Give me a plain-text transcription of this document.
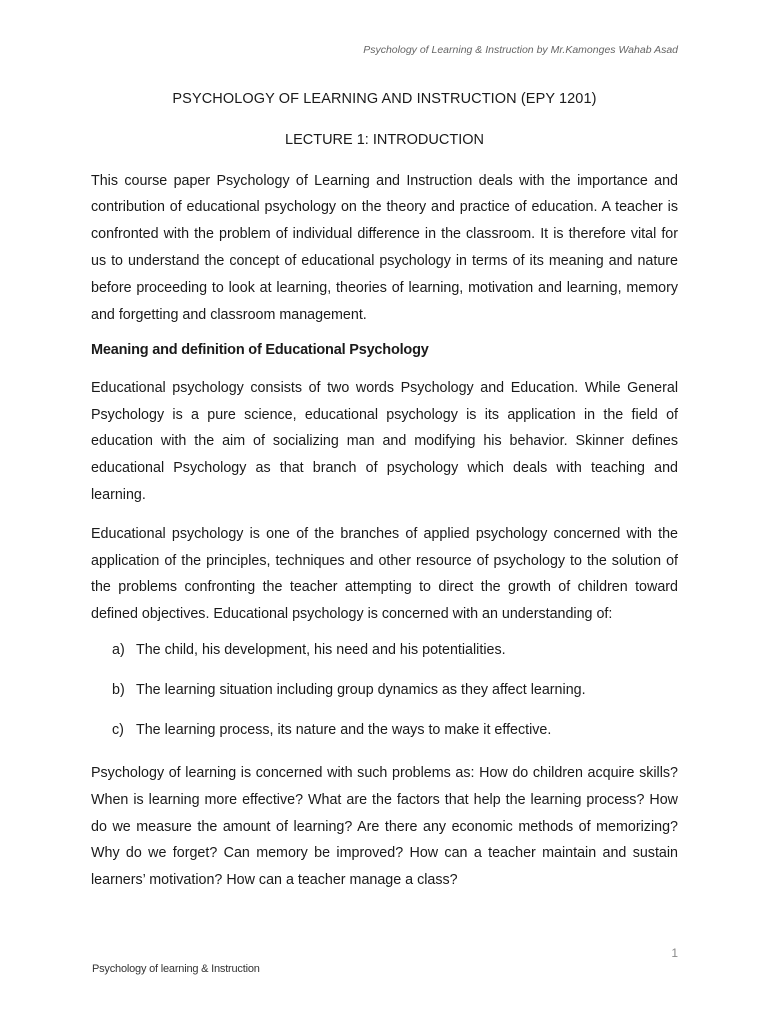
Psychology of Learning & Instruction by Mr.Kamonges Wahab Asad
PSYCHOLOGY OF LEARNING AND INSTRUCTION (EPY 1201)
LECTURE 1: INTRODUCTION

This course paper Psychology of Learning and Instruction deals with the importance and contribution of educational psychology on the theory and practice of education. A teacher is confronted with the problem of individual difference in the classroom. It is therefore vital for us to understand the concept of educational psychology in terms of its meaning and nature before proceeding to look at learning, theories of learning, motivation and learning, memory and forgetting and classroom management.

Meaning and definition of Educational Psychology

Educational psychology consists of two words Psychology and Education. While General Psychology is a pure science, educational psychology is its application in the field of education with the aim of socializing man and modifying his behavior. Skinner defines educational Psychology as that branch of psychology which deals with teaching and learning.

Educational psychology is one of the branches of applied psychology concerned with the application of the principles, techniques and other resource of psychology to the solution of the problems confronting the teacher attempting to direct the growth of children toward defined objectives. Educational psychology is concerned with an understanding of:

a) The child, his development, his need and his potentialities.
b) The learning situation including group dynamics as they affect learning.
c) The learning process, its nature and the ways to make it effective.

Psychology of learning is concerned with such problems as: How do children acquire skills? When is learning more effective? What are the factors that help the learning process? How do we measure the amount of learning? Are there any economic methods of memorizing? Why do we forget? Can memory be improved? How can a teacher maintain and sustain learners’ motivation? How can a teacher manage a class?

1
Psychology of learning & Instruction
